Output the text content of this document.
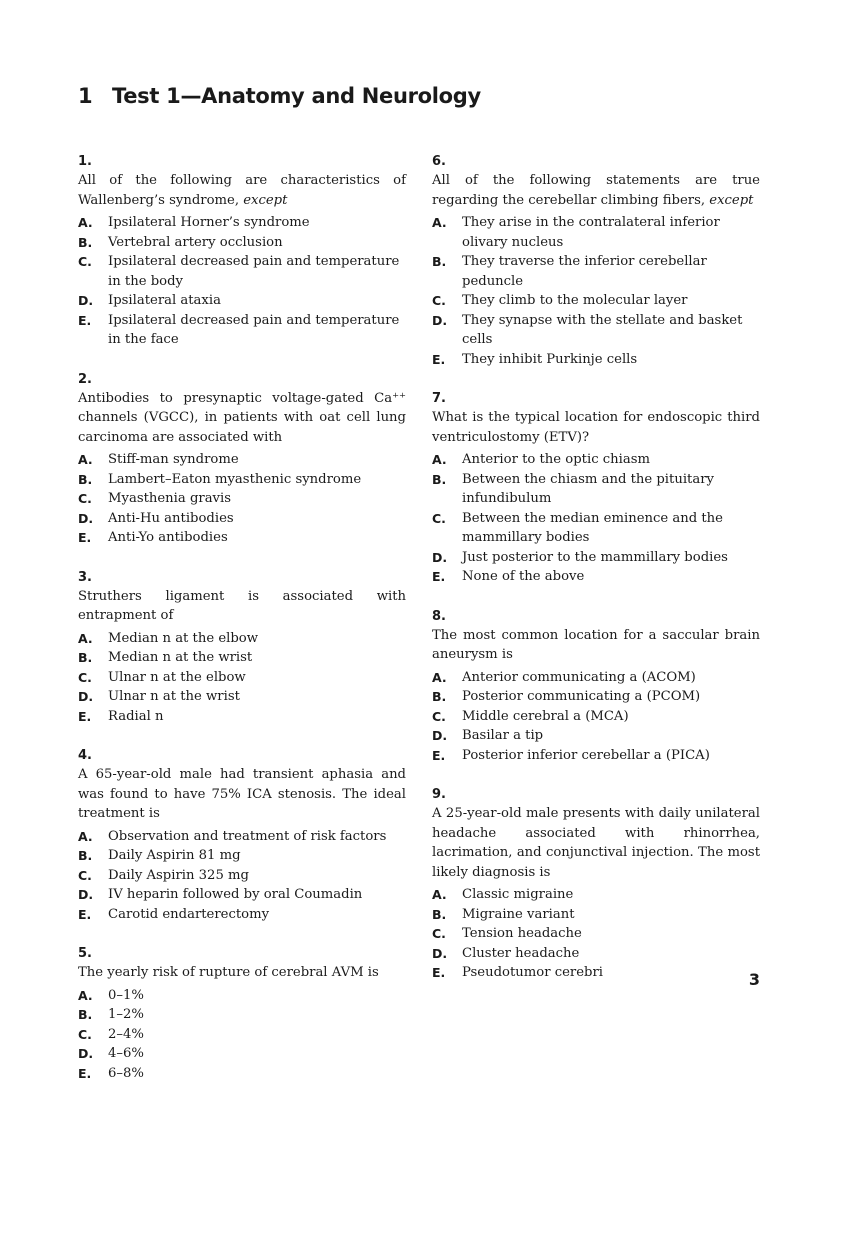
1 Test 1—Anatomy and Neurology
1.
All of the following are characteristics of Wallenberg’s syndrome, except
A.	Ipsilateral Horner’s syndrome
B.	Vertebral artery occlusion
C.	Ipsilateral decreased pain and temperature in the body
D.	Ipsilateral ataxia
E.	Ipsilateral decreased pain and temperature in the face
2.
Antibodies to presynaptic voltage-gated Ca⁺⁺ channels (VGCC), in patients with oat cell lung carcinoma are associated with
A.	Stiff-man syndrome
B.	Lambert–Eaton myasthenic syndrome
C.	Myasthenia gravis
D.	Anti-Hu antibodies
E.	Anti-Yo antibodies
3.
Struthers ligament is associated with entrapment of
A.	Median n at the elbow
B.	Median n at the wrist
C.	Ulnar n at the elbow
D.	Ulnar n at the wrist
E.	Radial n
4.
A 65-year-old male had transient aphasia and was found to have 75% ICA stenosis. The ideal treatment is
A.	Observation and treatment of risk factors
B.	Daily Aspirin 81 mg
C.	Daily Aspirin 325 mg
D.	IV heparin followed by oral Coumadin
E.	Carotid endarterectomy
5.
The yearly risk of rupture of cerebral AVM is
A.	0–1%
B.	1–2%
C.	2–4%
D.	4–6%
E.	6–8%
6.
All of the following statements are true regarding the cerebellar climbing fibers, except
A.	They arise in the contralateral inferior olivary nucleus
B.	They traverse the inferior cerebellar peduncle
C.	They climb to the molecular layer
D.	They synapse with the stellate and basket cells
E.	They inhibit Purkinje cells
7.
What is the typical location for endoscopic third ventriculostomy (ETV)?
A.	Anterior to the optic chiasm
B.	Between the chiasm and the pituitary infundibulum
C.	Between the median eminence and the mammillary bodies
D.	Just posterior to the mammillary bodies
E.	None of the above
8.
The most common location for a saccular brain aneurysm is
A.	Anterior communicating a (ACOM)
B.	Posterior communicating a (PCOM)
C.	Middle cerebral a (MCA)
D.	Basilar a tip
E.	Posterior inferior cerebellar a (PICA)
9.
A 25-year-old male presents with daily unilateral headache associated with rhinorrhea, lacrimation, and conjunctival injection. The most likely diagnosis is
A.	Classic migraine
B.	Migraine variant
C.	Tension headache
D.	Cluster headache
E.	Pseudotumor cerebri	3
